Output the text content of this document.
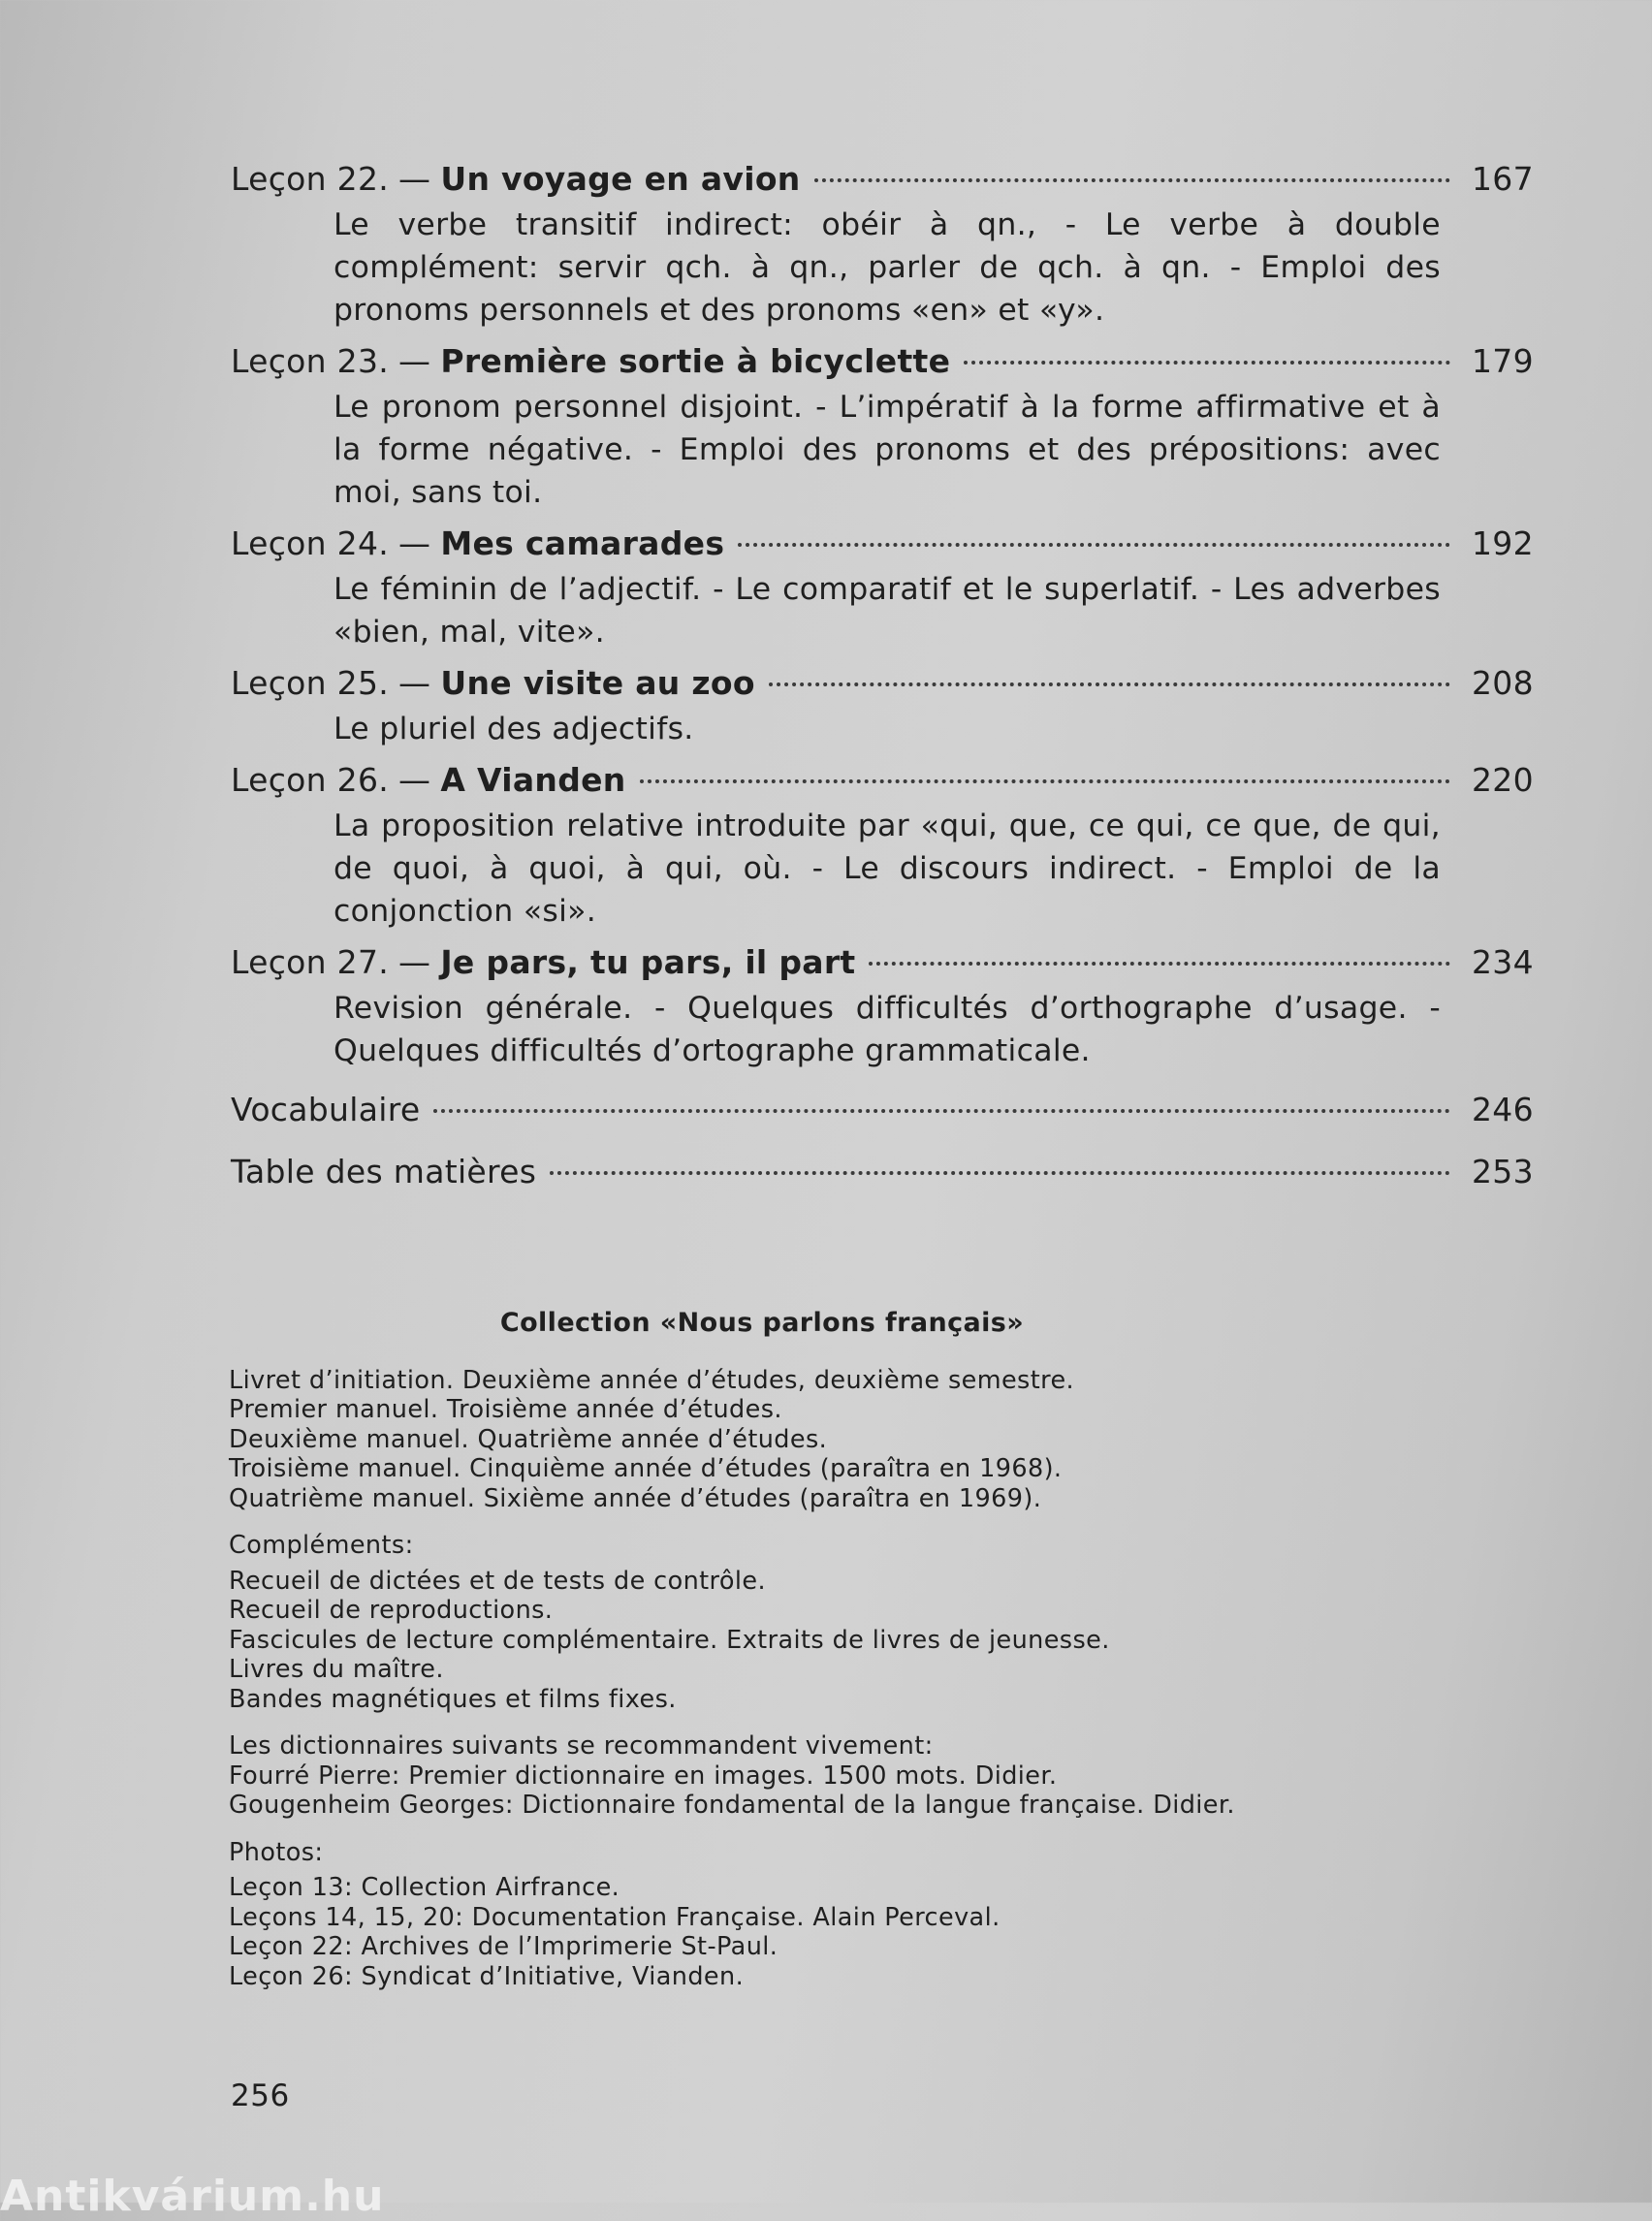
Leçon 22. — Un voyage en avion	167

Le verbe transitif indirect: obéir à qn., - Le verbe à double complément: servir qch. à qn., parler de qch. à qn. - Emploi des pronoms personnels et des pronoms «en» et «y».

Leçon 23. — Première sortie à bicyclette	179

Le pronom personnel disjoint. - L’impératif à la forme affirmative et à la forme négative. - Emploi des pronoms et des prépositions: avec moi, sans toi.

Leçon 24. — Mes camarades	192

Le féminin de l’adjectif. - Le comparatif et le superlatif. - Les adverbes «bien, mal, vite».

Leçon 25. — Une visite au zoo	208

Le pluriel des adjectifs.

Leçon 26. — A Vianden	220

La proposition relative introduite par «qui, que, ce qui, ce que, de qui, de quoi, à quoi, à qui, où. - Le discours indirect. - Emploi de la conjonction «si».

Leçon 27. — Je pars, tu pars, il part	234

Revision générale. - Quelques difficultés d’orthographe d’usage. - Quelques difficultés d’ortographe grammaticale.

Vocabulaire	246
Table des matières	253
Collection «Nous parlons français»
Livret d’initiation. Deuxième année d’études, deuxième semestre.
Premier manuel. Troisième année d’études.
Deuxième manuel. Quatrième année d’études.
Troisième manuel. Cinquième année d’études (paraîtra en 1968).
Quatrième manuel. Sixième année d’études (paraîtra en 1969).
Compléments:
Recueil de dictées et de tests de contrôle.
Recueil de reproductions.
Fascicules de lecture complémentaire. Extraits de livres de jeunesse.
Livres du maître.
Bandes magnétiques et films fixes.
Les dictionnaires suivants se recommandent vivement:
Fourré Pierre: Premier dictionnaire en images. 1500 mots. Didier.
Gougenheim Georges: Dictionnaire fondamental de la langue française. Didier.
Photos:
Leçon 13: Collection Airfrance.
Leçons 14, 15, 20: Documentation Française. Alain Perceval.
Leçon 22: Archives de l’Imprimerie St-Paul.
Leçon 26: Syndicat d’Initiative, Vianden.
256
Antikvárium.hu
